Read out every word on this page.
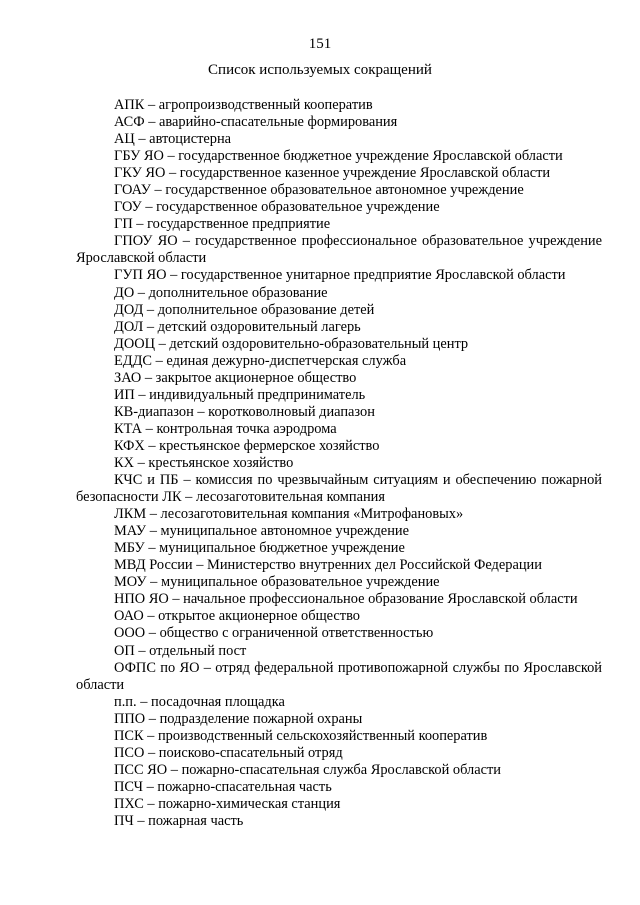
151
Список используемых сокращений

АПК – агропроизводственный кооператив

АСФ – аварийно-спасательные формирования

АЦ – автоцистерна

ГБУ ЯО – государственное бюджетное учреждение Ярославской области

ГКУ ЯО – государственное казенное учреждение Ярославской области

ГОАУ – государственное образовательное автономное учреждение

ГОУ – государственное образовательное учреждение

ГП – государственное предприятие

ГПОУ ЯО – государственное профессиональное образовательное учреждение Ярославской области

ГУП ЯО – государственное унитарное предприятие Ярославской области

ДО – дополнительное образование

ДОД – дополнительное образование детей

ДОЛ – детский оздоровительный лагерь

ДООЦ – детский оздоровительно-образовательный центр

ЕДДС – единая дежурно-диспетчерская служба

ЗАО – закрытое акционерное общество

ИП – индивидуальный предприниматель

КВ-диапазон – коротковолновый диапазон

КТА – контрольная точка аэродрома

КФХ – крестьянское фермерское хозяйство

КХ – крестьянское хозяйство

КЧС и ПБ – комиссия по чрезвычайным ситуациям и обеспечению пожарной безопасности ЛК – лесозаготовительная компания

ЛКМ – лесозаготовительная компания «Митрофановых»

МАУ – муниципальное автономное учреждение

МБУ – муниципальное бюджетное учреждение

МВД России – Министерство внутренних дел Российской Федерации

МОУ – муниципальное образовательное учреждение

НПО ЯО – начальное профессиональное образование Ярославской области

ОАО – открытое акционерное общество

ООО – общество с ограниченной ответственностью

ОП – отдельный пост

ОФПС по ЯО – отряд федеральной противопожарной службы по Ярославской области

п.п. – посадочная площадка

ППО – подразделение пожарной охраны

ПСК – производственный сельскохозяйственный кооператив

ПСО – поисково-спасательный отряд

ПСС ЯО – пожарно-спасательная служба Ярославской области

ПСЧ – пожарно-спасательная часть

ПХС – пожарно-химическая станция

ПЧ – пожарная часть
